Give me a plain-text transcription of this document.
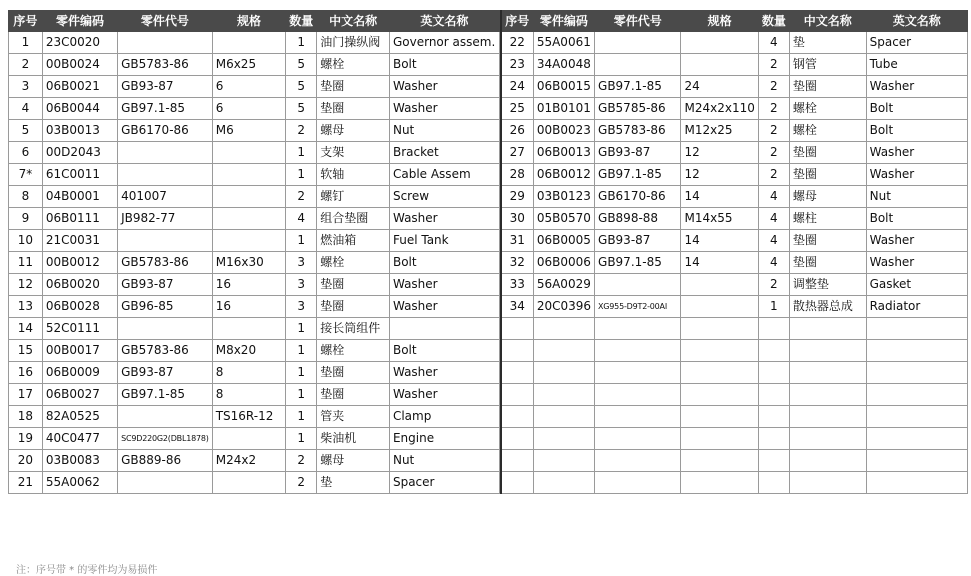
序号	零件编码	零件代号	规格	数量	中文名称	英文名称
1	23C0020			1	油门操纵阀	Governor assem.
2	00B0024	GB5783-86	M6x25	5	螺栓	Bolt
3	06B0021	GB93-87	6	5	垫圈	Washer
4	06B0044	GB97.1-85	6	5	垫圈	Washer
5	03B0013	GB6170-86	M6	2	螺母	Nut
6	00D2043			1	支架	Bracket
7*	61C0011			1	软轴	Cable Assem
8	04B0001	401007		2	螺钉	Screw
9	06B0111	JB982-77		4	组合垫圈	Washer
10	21C0031			1	燃油箱	Fuel Tank
11	00B0012	GB5783-86	M16x30	3	螺栓	Bolt
12	06B0020	GB93-87	16	3	垫圈	Washer
13	06B0028	GB96-85	16	3	垫圈	Washer
14	52C0111			1	接长筒组件	
15	00B0017	GB5783-86	M8x20	1	螺栓	Bolt
16	06B0009	GB93-87	8	1	垫圈	Washer
17	06B0027	GB97.1-85	8	1	垫圈	Washer
18	82A0525		TS16R-12	1	管夹	Clamp
19	40C0477	SC9D220G2(DBL1878)		1	柴油机	Engine
20	03B0083	GB889-86	M24x2	2	螺母	Nut
21	55A0062			2	垫	Spacer
序号	零件编码	零件代号	规格	数量	中文名称	英文名称
22	55A0061			4	垫	Spacer
23	34A0048			2	钢管	Tube
24	06B0015	GB97.1-85	24	2	垫圈	Washer
25	01B0101	GB5785-86	M24x2x110	2	螺栓	Bolt
26	00B0023	GB5783-86	M12x25	2	螺栓	Bolt
27	06B0013	GB93-87	12	2	垫圈	Washer
28	06B0012	GB97.1-85	12	2	垫圈	Washer
29	03B0123	GB6170-86	14	4	螺母	Nut
30	05B0570	GB898-88	M14x55	4	螺柱	Bolt
31	06B0005	GB93-87	14	4	垫圈	Washer
32	06B0006	GB97.1-85	14	4	垫圈	Washer
33	56A0029			2	调整垫	Gasket
34	20C0396	XG955-D9T2-00AI		1	散热器总成	Radiator

注：序号带 * 的零件均为易损件
